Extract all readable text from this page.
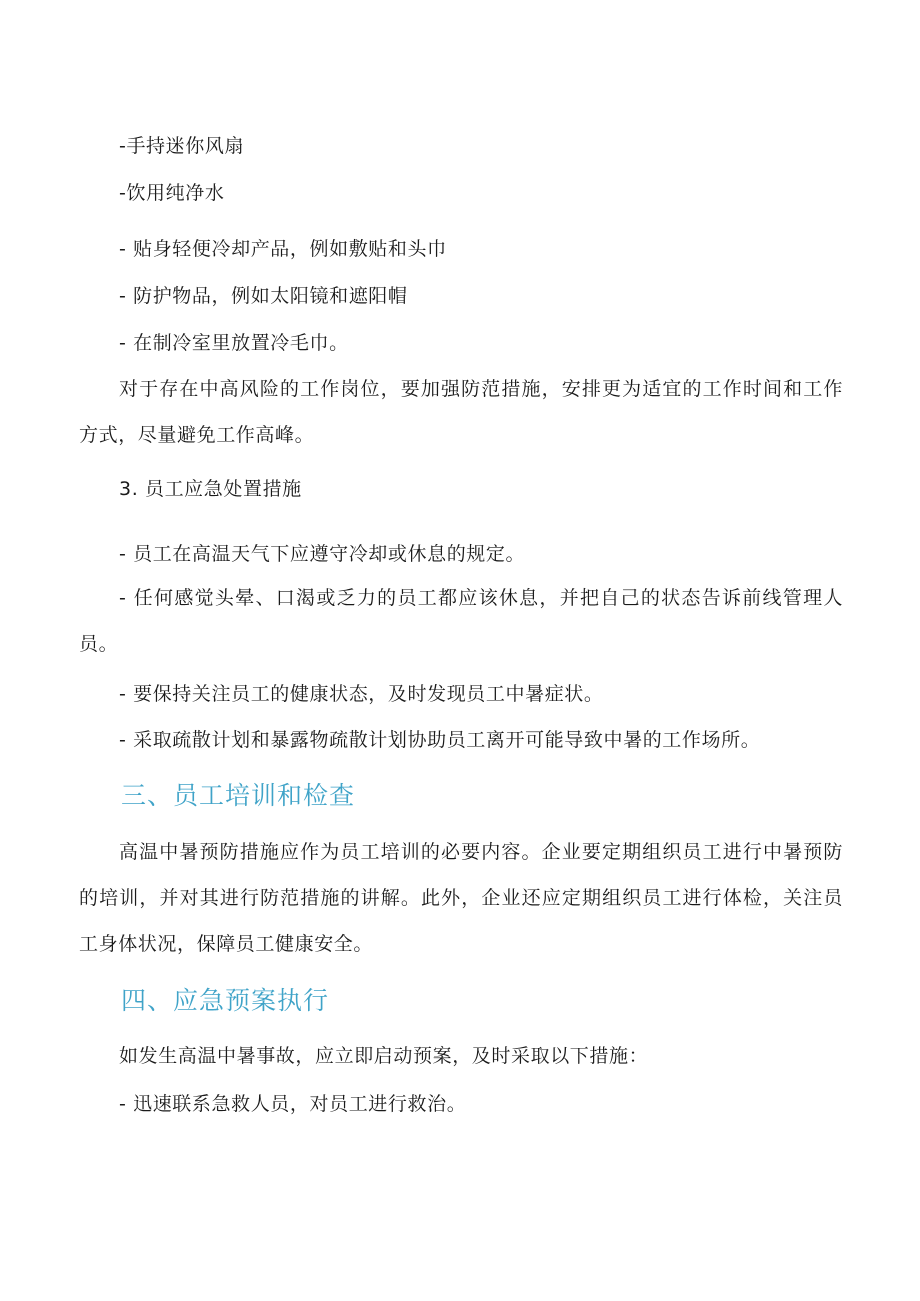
-手持迷你风扇
-饮用纯净水
- 贴身轻便冷却产品，例如敷贴和头巾
- 防护物品，例如太阳镜和遮阳帽
- 在制冷室里放置冷毛巾。
对于存在中高风险的工作岗位，要加强防范措施，安排更为适宜的工作时间和工作方式，尽量避免工作高峰。
3. 员工应急处置措施
- 员工在高温天气下应遵守冷却或休息的规定。
- 任何感觉头晕、口渴或乏力的员工都应该休息，并把自己的状态告诉前线管理人员。
- 要保持关注员工的健康状态，及时发现员工中暑症状。
- 采取疏散计划和暴露物疏散计划协助员工离开可能导致中暑的工作场所。
三、员工培训和检查
高温中暑预防措施应作为员工培训的必要内容。企业要定期组织员工进行中暑预防的培训，并对其进行防范措施的讲解。此外，企业还应定期组织员工进行体检，关注员工身体状况，保障员工健康安全。
四、应急预案执行
如发生高温中暑事故，应立即启动预案，及时采取以下措施：
- 迅速联系急救人员，对员工进行救治。
